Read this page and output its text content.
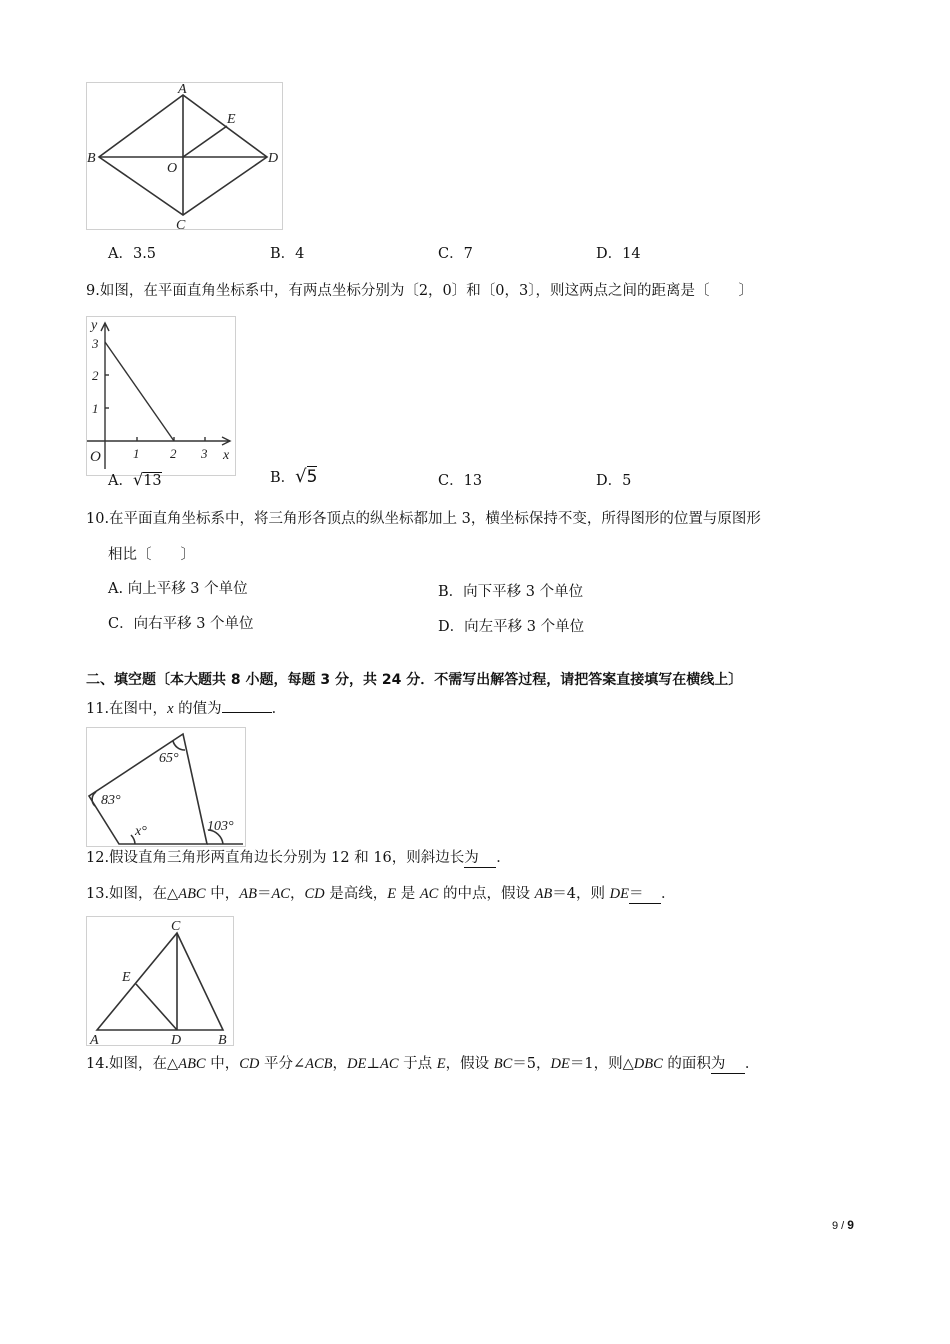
A
B
C
D
E
O
A．3.5	B．4	C．7	D．14
9.如图，在平面直角坐标系中，有两点坐标分别为〔2，0〕和〔0，3〕，则这两点之间的距离是〔　　〕
y
x
O
3
2
1
1 2 3
A．√13	B．√5	C．13	D．5
10.在平面直角坐标系中，将三角形各顶点的纵坐标都加上 3，横坐标保持不变，所得图形的位置与原图形
相比〔　　〕
A. 向上平移 3 个单位	B．向下平移 3 个单位
C．向右平移 3 个单位	D．向左平移 3 个单位
二、填空题〔本大题共 8 小题，每题 3 分，共 24 分．不需写出解答过程，请把答案直接填写在横线上〕
11.在图中，x 的值为	．
65°
83°
x°	103°
12.假设直角三角形两直角边长分别为 12 和 16，则斜边长为 ．
13.如图，在△ABC 中，AB＝AC，CD 是高线，E 是 AC 的中点，假设 AB＝4，则 DE＝ ．
C
E
A	D	B
14.如图，在△ABC 中，CD 平分∠ACB，DE⊥AC 于点 E，假设 BC＝5，DE＝1，则△DBC 的面积为 ．
9 / 9
